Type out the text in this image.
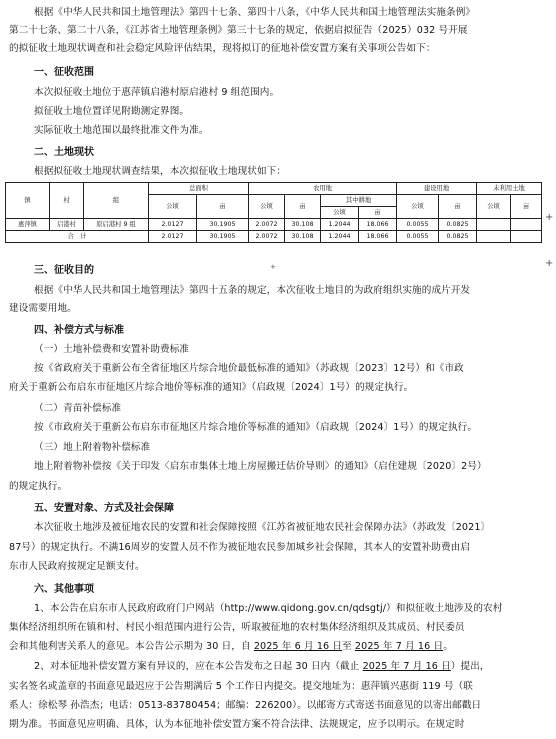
根据《中华人民共和国土地管理法》第四十七条、第四十八条，《中华人民共和国土地管理法实施条例》
第二十七条、第二十八条，《江苏省土地管理条例》第三十七条的规定，依据启拟征告（2025）032 号开展
的拟征收土地现状调查和社会稳定风险评估结果，现将拟订的征地补偿安置方案有关事项公告如下：
一、征收范围
本次拟征收土地位于惠萍镇启港村原启港村 9 组范围内。
拟征收土地位置详见附勘测定界图。
实际征收土地范围以最终批准文件为准。
二、土地现状
根据拟征收土地现状调查结果，本次拟征收土地现状如下：
镇	村	组	总面积		农用地				建设用地		未利用土地	
			公顷	亩	公顷	亩	其中耕地		公顷	亩	公顷	亩
							公顷	亩				
惠萍镇	启港村	原启港村 9 组	2.0127	30.1905	2.0072	30.108	1.2044	18.066	0.0055	0.0825		
合　计			2.0127	30.1905	2.0072	30.108	1.2044	18.066	0.0055	0.0825		
+
+
+
三、征收目的
根据《中华人民共和国土地管理法》第四十五条的规定，本次征收土地目的为政府组织实施的成片开发
建设需要用地。
四、补偿方式与标准
（一）土地补偿费和安置补助费标准
按《省政府关于重新公布全省征地区片综合地价最低标准的通知》（苏政规〔2023〕12号）和《市政
府关于重新公布启东市征地区片综合地价等标准的通知》（启政规〔2024〕1号）的规定执行。
（二）青苗补偿标准
按《市政府关于重新公布启东市征地区片综合地价等标准的通知》（启政规〔2024〕1号）的规定执行。
（三）地上附着物补偿标准
地上附着物补偿按《关于印发〈启东市集体土地上房屋搬迁估价导则〉的通知》（启住建规〔2020〕2号）
的规定执行。
五、安置对象、方式及社会保障
本次征收土地涉及被征地农民的安置和社会保障按照《江苏省被征地农民社会保障办法》（苏政发〔2021〕
87号）的规定执行。不满16周岁的安置人员不作为被征地农民参加城乡社会保障，其本人的安置补助费由启
东市人民政府按规定足额支付。
六、其他事项
1、本公告在启东市人民政府政府门户网站（http://www.qidong.gov.cn/qdsgtj/）和拟征收土地涉及的农村
集体经济组织所在镇和村、村民小组范围内进行公告，听取被征地的农村集体经济组织及其成员、村民委员
会和其他利害关系人的意见。本公告公示期为 30 日，自 2025 年 6 月 16 日至 2025 年 7 月 16 日。
2、对本征地补偿安置方案有异议的，应在本公告发布之日起 30 日内（截止 2025 年 7 月 16 日）提出，
实名签名或盖章的书面意见最迟应于公告期满后 5 个工作日内提交。提交地址为：惠萍镇兴惠街 119 号（联
系人：徐松琴 孙浩杰；电话：0513-83780454；邮编：226200）。以邮寄方式寄送书面意见的以寄出邮戳日
期为准。书面意见应明确、具体，认为本征地补偿安置方案不符合法律、法规规定，应予以明示。在规定时
